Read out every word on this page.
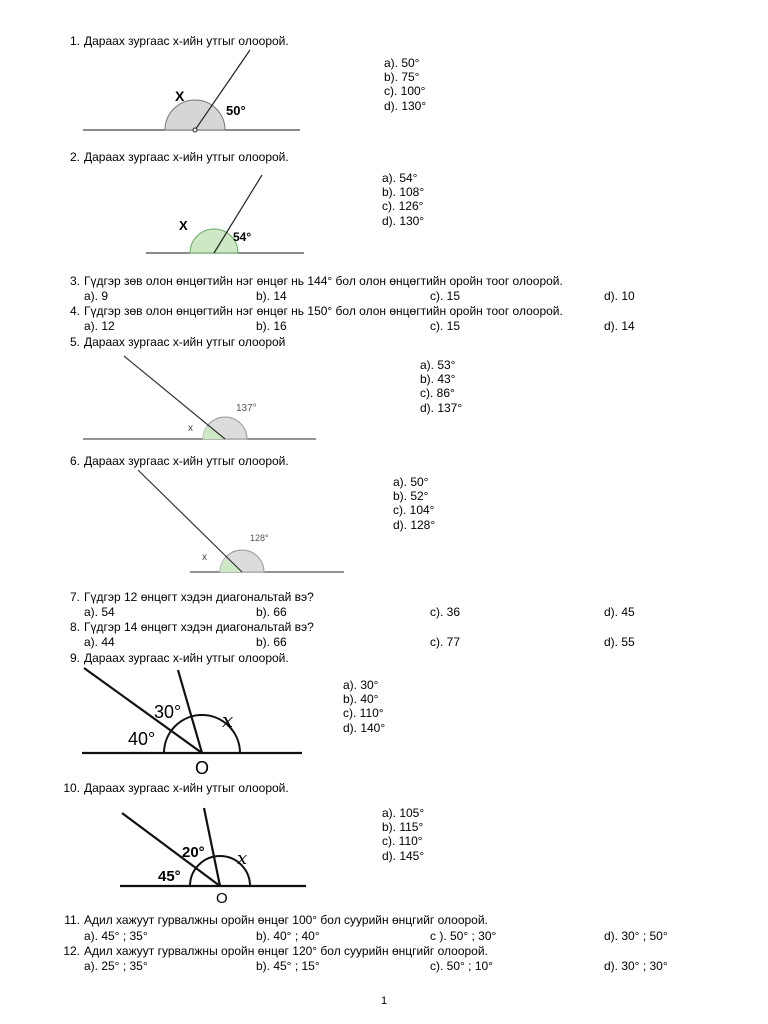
1. Дараах зургаас x-ийн утгыг олоорой.
X
50°
a). 50°
b). 75°
c). 100°
d). 130°
2. Дараах зургаас x-ийн утгыг олоорой.
X
54°
a). 54°
b). 108°
c). 126°
d). 130°
3. Гүдгэр зөв олон өнцөгтийн нэг өнцөг нь 144° бол олон өнцөгтийн оройн тоог олоорой.
a). 9	b). 14	c). 15	d). 10
4. Гүдгэр зөв олон өнцөгтийн нэг өнцөг нь 150° бол олон өнцөгтийн оройн тоог олоорой.
a). 12	b). 16	c). 15	d). 14
5. Дараах зургаас x-ийн утгыг олоорой
x
137°
a). 53°
b). 43°
c). 86°
d). 137°
6. Дараах зургаас x-ийн утгыг олоорой.
x
128°
a). 50°
b). 52°
c). 104°
d). 128°
7. Гүдгэр 12 өнцөгт хэдэн диагональтай вэ?
a). 54	b). 66	c). 36	d). 45
8. Гүдгэр 14 өнцөгт хэдэн диагональтай вэ?
a). 44	b). 66	c). 77	d). 55
9. Дараах зургаас x-ийн утгыг олоорой.
30°
40°
x
O
a). 30°
b). 40°
c). 110°
d). 140°
10. Дараах зургаас x-ийн утгыг олоорой.
20°
45°
x
O
a). 105°
b). 115°
c). 110°
d). 145°
11. Адил хажуут гурвалжны оройн өнцөг 100° бол суурийн өнцгийг олоорой.
a). 45° ; 35°	b). 40° ; 40°	c ). 50° ; 30°	d). 30° ; 50°
12. Адил хажуут гурвалжны оройн өнцөг 120° бол суурийн өнцгийг олоорой.
a). 25° ; 35°	b). 45° ; 15°	c). 50° ; 10°	d). 30° ; 30°
1
